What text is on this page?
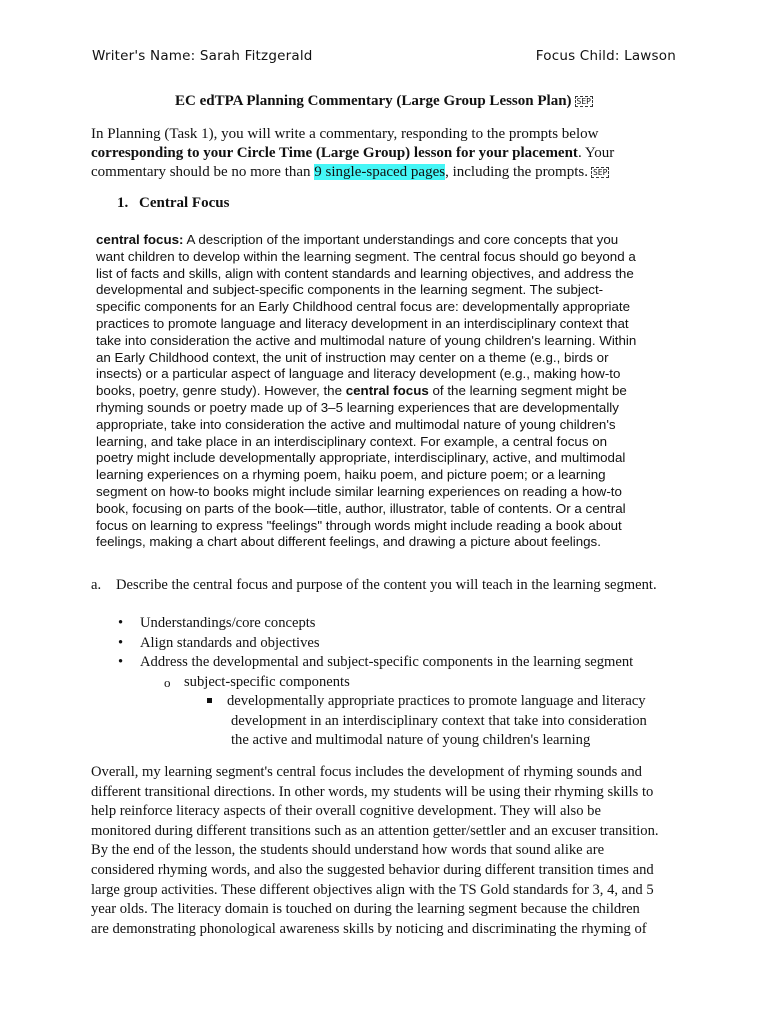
Writer's Name: Sarah Fitzgerald	Focus Child: Lawson
EC edTPA Planning Commentary (Large Group Lesson Plan) SEP
In Planning (Task 1), you will write a commentary, responding to the prompts below
corresponding to your Circle Time (Large Group) lesson for your placement. Your
commentary should be no more than 9 single-spaced pages, including the prompts. SEP
1. Central Focus
central focus: A description of the important understandings and core concepts that you
want children to develop within the learning segment. The central focus should go beyond a
list of facts and skills, align with content standards and learning objectives, and address the
developmental and subject-specific components in the learning segment. The subject-
specific components for an Early Childhood central focus are: developmentally appropriate
practices to promote language and literacy development in an interdisciplinary context that
take into consideration the active and multimodal nature of young children's learning. Within
an Early Childhood context, the unit of instruction may center on a theme (e.g., birds or
insects) or a particular aspect of language and literacy development (e.g., making how-to
books, poetry, genre study). However, the central focus of the learning segment might be
rhyming sounds or poetry made up of 3–5 learning experiences that are developmentally
appropriate, take into consideration the active and multimodal nature of young children's
learning, and take place in an interdisciplinary context. For example, a central focus on
poetry might include developmentally appropriate, interdisciplinary, active, and multimodal
learning experiences on a rhyming poem, haiku poem, and picture poem; or a learning
segment on how-to books might include similar learning experiences on reading a how-to
book, focusing on parts of the book—title, author, illustrator, table of contents. Or a central
focus on learning to express "feelings" through words might include reading a book about
feelings, making a chart about different feelings, and drawing a picture about feelings.
a. Describe the central focus and purpose of the content you will teach in the learning segment.
• Understandings/core concepts
• Align standards and objectives
• Address the developmental and subject-specific components in the learning segment
o subject-specific components
developmentally appropriate practices to promote language and literacy
development in an interdisciplinary context that take into consideration
the active and multimodal nature of young children's learning
Overall, my learning segment's central focus includes the development of rhyming sounds and
different transitional directions. In other words, my students will be using their rhyming skills to
help reinforce literacy aspects of their overall cognitive development. They will also be
monitored during different transitions such as an attention getter/settler and an excuser transition.
By the end of the lesson, the students should understand how words that sound alike are
considered rhyming words, and also the suggested behavior during different transition times and
large group activities. These different objectives align with the TS Gold standards for 3, 4, and 5
year olds. The literacy domain is touched on during the learning segment because the children
are demonstrating phonological awareness skills by noticing and discriminating the rhyming of
